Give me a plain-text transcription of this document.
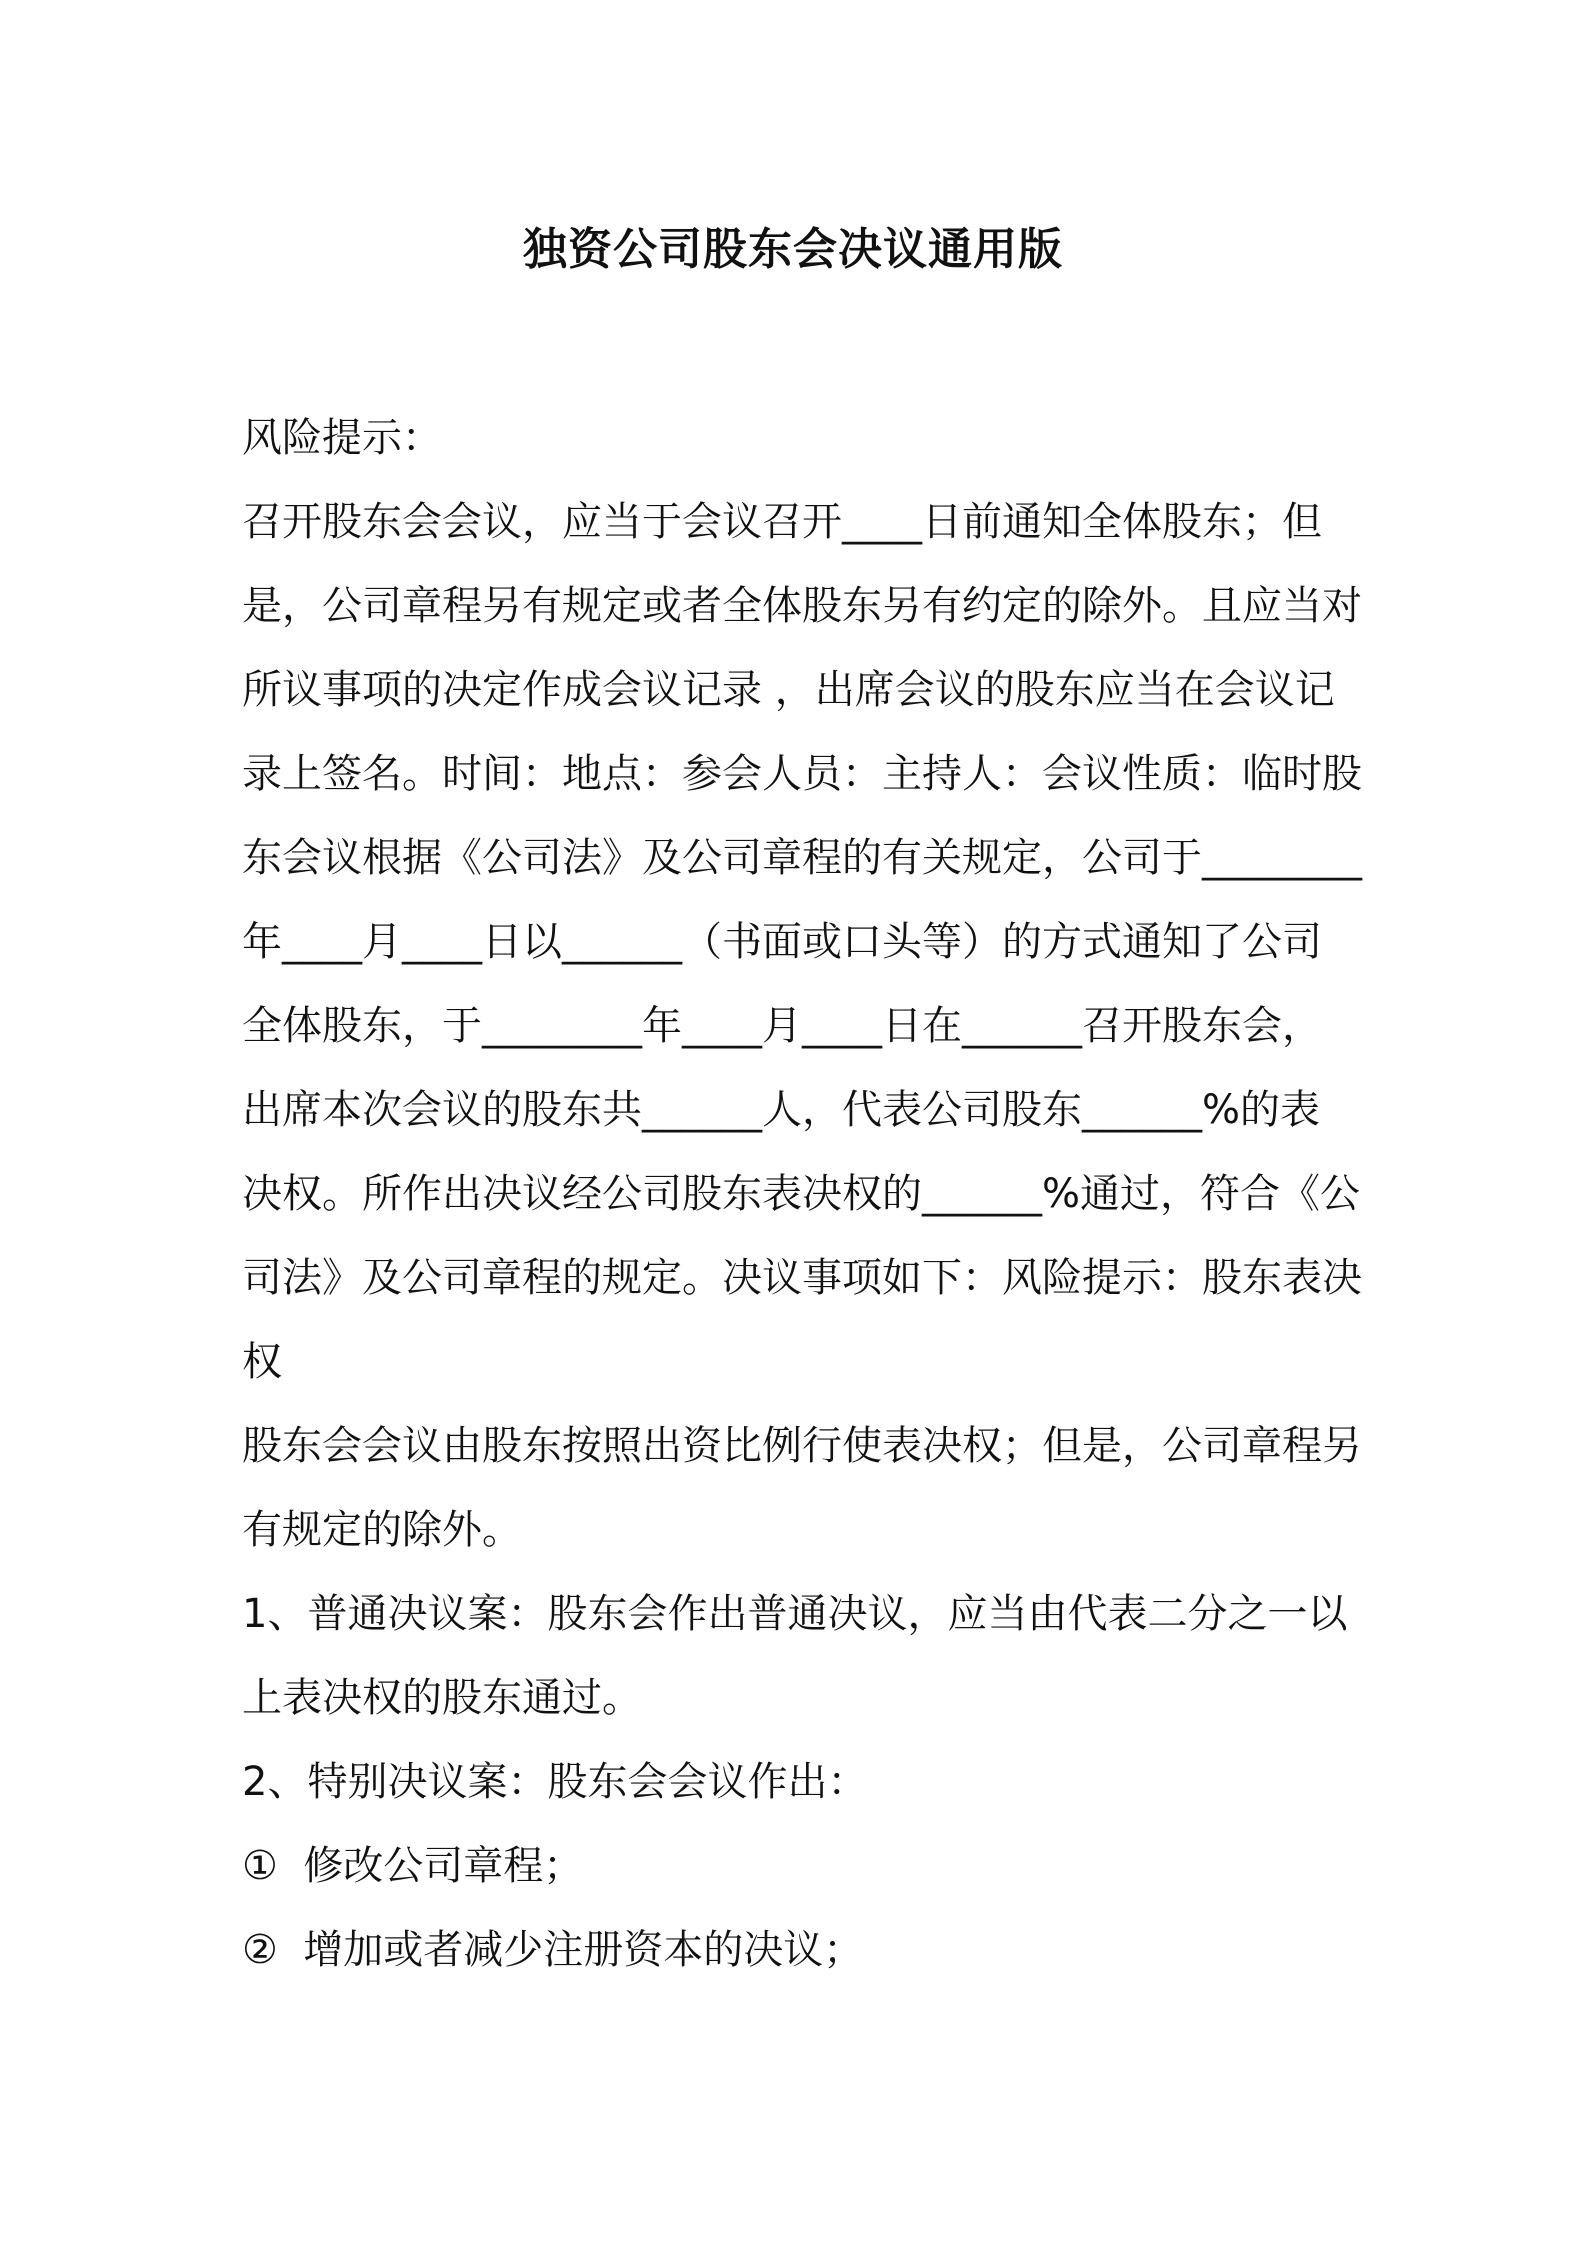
独资公司股东会决议通用版
风险提示：
召开股东会会议，应当于会议召开____日前通知全体股东；但
是，公司章程另有规定或者全体股东另有约定的除外。且应当对
所议事项的决定作成会议记录 ，出席会议的股东应当在会议记
录上签名。时间：地点：参会人员：主持人：会议性质：临时股
东会议根据《公司法》及公司章程的有关规定，公司于________
年____月____日以______（书面或口头等）的方式通知了公司
全体股东，于________年____月____日在______召开股东会，
出席本次会议的股东共______人，代表公司股东______%的表
决权。所作出决议经公司股东表决权的______%通过，符合《公
司法》及公司章程的规定。决议事项如下：风险提示：股东表决
权
股东会会议由股东按照出资比例行使表决权；但是，公司章程另
有规定的除外。
1、普通决议案：股东会作出普通决议，应当由代表二分之一以
上表决权的股东通过。
2、特别决议案：股东会会议作出：
①  修改公司章程；
②  增加或者减少注册资本的决议；
